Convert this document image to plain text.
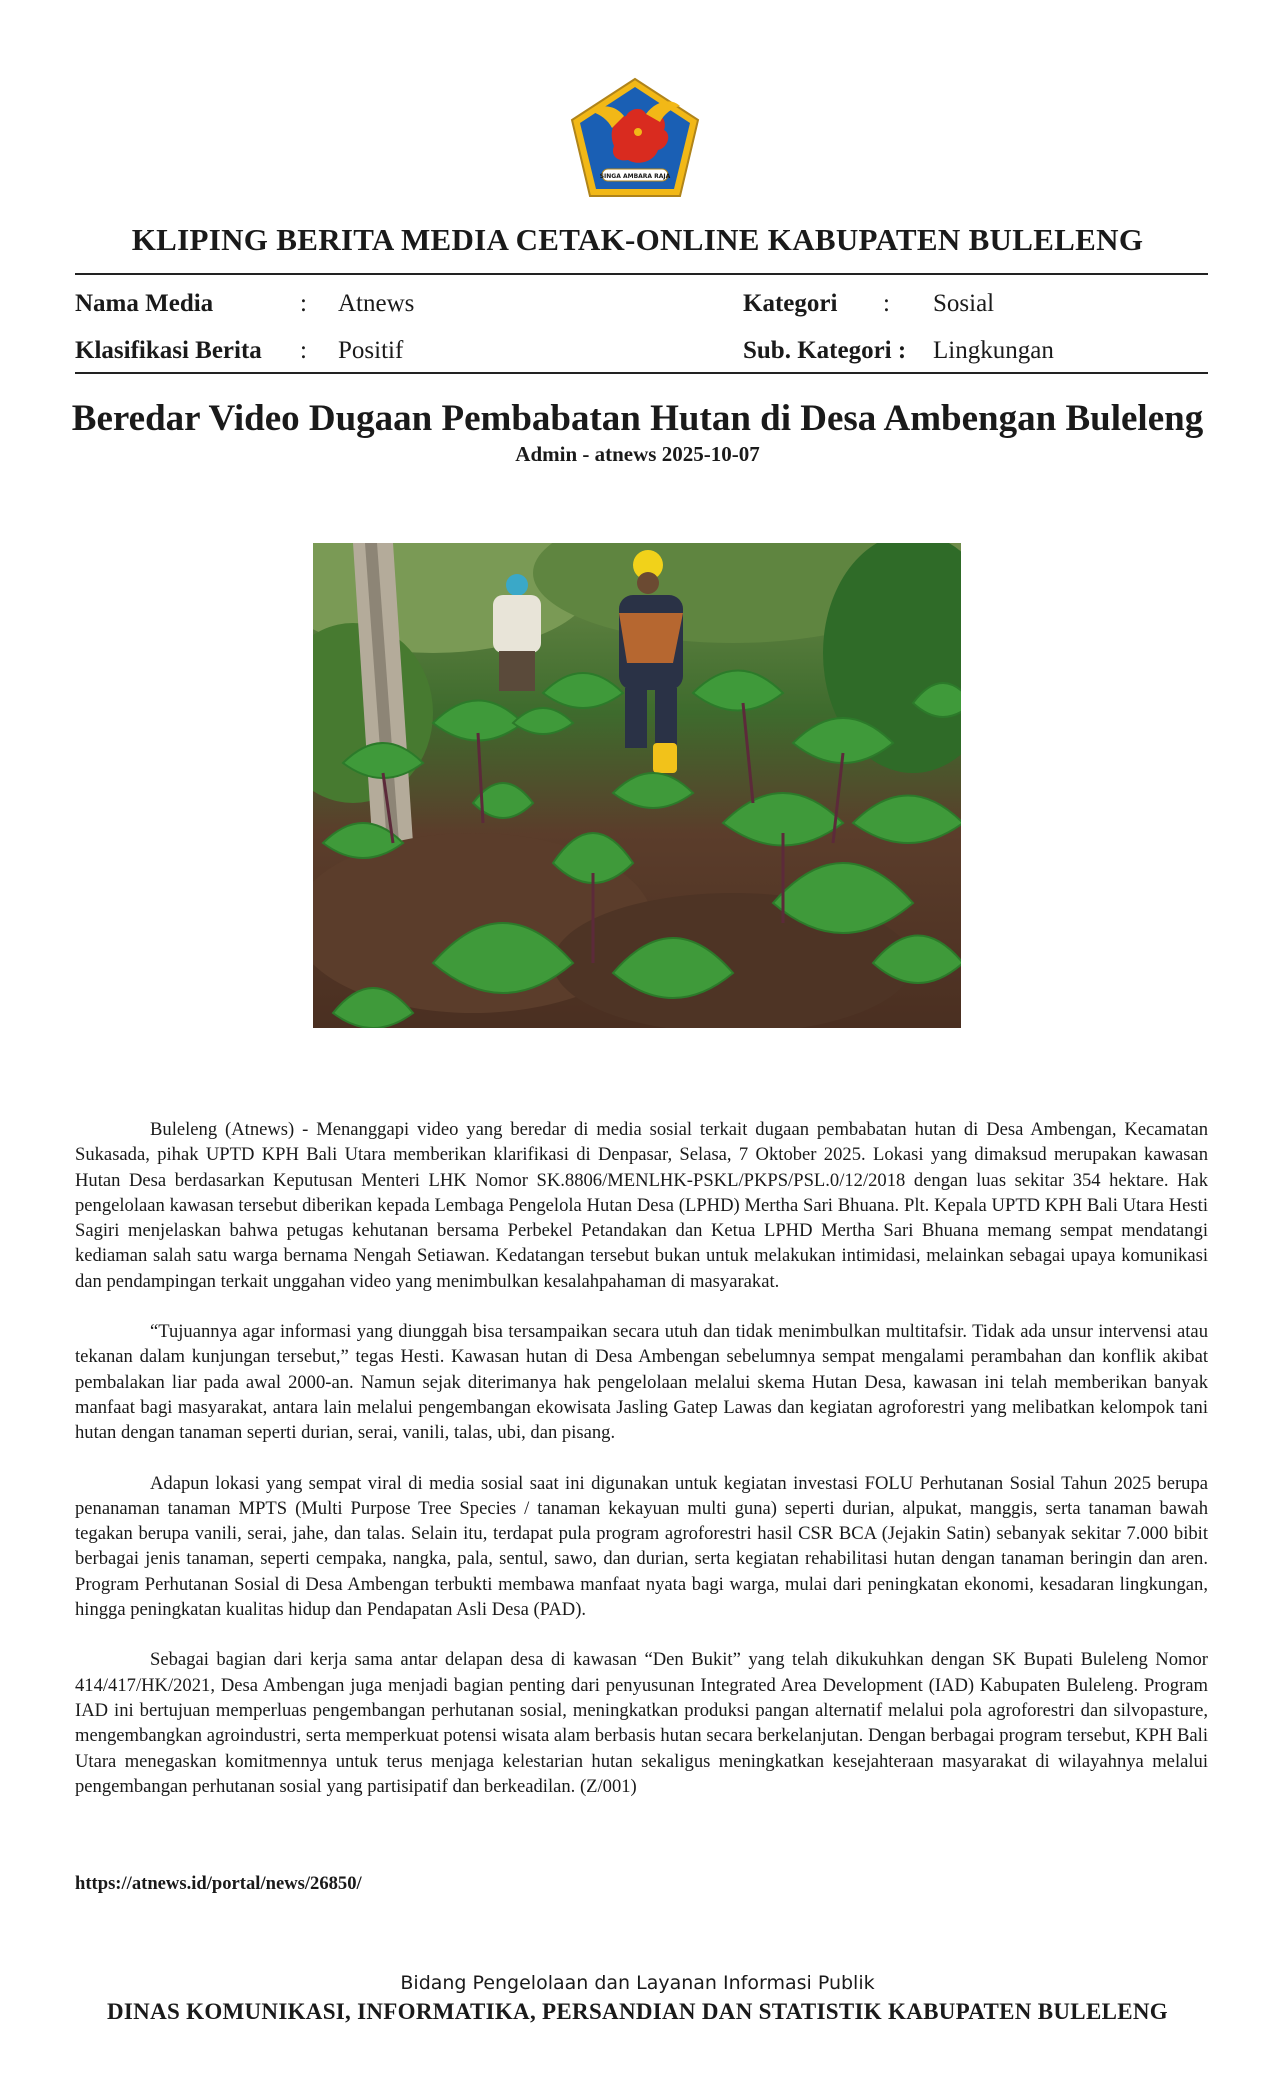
SINGA AMBARA RAJA
KLIPING BERITA MEDIA CETAK-ONLINE KABUPATEN BULELENG
Nama Media	:	Atnews
Klasifikasi Berita	:	Positif
Kategori	:	Sosial
Sub. Kategori :	Lingkungan
Beredar Video Dugaan Pembabatan Hutan di Desa Ambengan Buleleng
Admin - atnews 2025-10-07

Buleleng (Atnews) - Menanggapi video yang beredar di media sosial terkait dugaan pembabatan hutan di Desa Ambengan, Kecamatan Sukasada, pihak UPTD KPH Bali Utara memberikan klarifikasi di Denpasar, Selasa, 7 Oktober 2025. Lokasi yang dimaksud merupakan kawasan Hutan Desa berdasarkan Keputusan Menteri LHK Nomor SK.8806/MENLHK-PSKL/PKPS/PSL.0/12/2018 dengan luas sekitar 354 hektare. Hak pengelolaan kawasan tersebut diberikan kepada Lembaga Pengelola Hutan Desa (LPHD) Mertha Sari Bhuana. Plt. Kepala UPTD KPH Bali Utara Hesti Sagiri menjelaskan bahwa petugas kehutanan bersama Perbekel Petandakan dan Ketua LPHD Mertha Sari Bhuana memang sempat mendatangi kediaman salah satu warga bernama Nengah Setiawan. Kedatangan tersebut bukan untuk melakukan intimidasi, melainkan sebagai upaya komunikasi dan pendampingan terkait unggahan video yang menimbulkan kesalahpahaman di masyarakat.

“Tujuannya agar informasi yang diunggah bisa tersampaikan secara utuh dan tidak menimbulkan multitafsir. Tidak ada unsur intervensi atau tekanan dalam kunjungan tersebut,” tegas Hesti. Kawasan hutan di Desa Ambengan sebelumnya sempat mengalami perambahan dan konflik akibat pembalakan liar pada awal 2000-an. Namun sejak diterimanya hak pengelolaan melalui skema Hutan Desa, kawasan ini telah memberikan banyak manfaat bagi masyarakat, antara lain melalui pengembangan ekowisata Jasling Gatep Lawas dan kegiatan agroforestri yang melibatkan kelompok tani hutan dengan tanaman seperti durian, serai, vanili, talas, ubi, dan pisang.

Adapun lokasi yang sempat viral di media sosial saat ini digunakan untuk kegiatan investasi FOLU Perhutanan Sosial Tahun 2025 berupa penanaman tanaman MPTS (Multi Purpose Tree Species / tanaman kekayuan multi guna) seperti durian, alpukat, manggis, serta tanaman bawah tegakan berupa vanili, serai, jahe, dan talas. Selain itu, terdapat pula program agroforestri hasil CSR BCA (Jejakin Satin) sebanyak sekitar 7.000 bibit berbagai jenis tanaman, seperti cempaka, nangka, pala, sentul, sawo, dan durian, serta kegiatan rehabilitasi hutan dengan tanaman beringin dan aren. Program Perhutanan Sosial di Desa Ambengan terbukti membawa manfaat nyata bagi warga, mulai dari peningkatan ekonomi, kesadaran lingkungan, hingga peningkatan kualitas hidup dan Pendapatan Asli Desa (PAD).

Sebagai bagian dari kerja sama antar delapan desa di kawasan “Den Bukit” yang telah dikukuhkan dengan SK Bupati Buleleng Nomor 414/417/HK/2021, Desa Ambengan juga menjadi bagian penting dari penyusunan Integrated Area Development (IAD) Kabupaten Buleleng. Program IAD ini bertujuan memperluas pengembangan perhutanan sosial, meningkatkan produksi pangan alternatif melalui pola agroforestri dan silvopasture, mengembangkan agroindustri, serta memperkuat potensi wisata alam berbasis hutan secara berkelanjutan. Dengan berbagai program tersebut, KPH Bali Utara menegaskan komitmennya untuk terus menjaga kelestarian hutan sekaligus meningkatkan kesejahteraan masyarakat di wilayahnya melalui pengembangan perhutanan sosial yang partisipatif dan berkeadilan. (Z/001)

https://atnews.id/portal/news/26850/
Bidang Pengelolaan dan Layanan Informasi Publik
DINAS KOMUNIKASI, INFORMATIKA, PERSANDIAN DAN STATISTIK KABUPATEN BULELENG
